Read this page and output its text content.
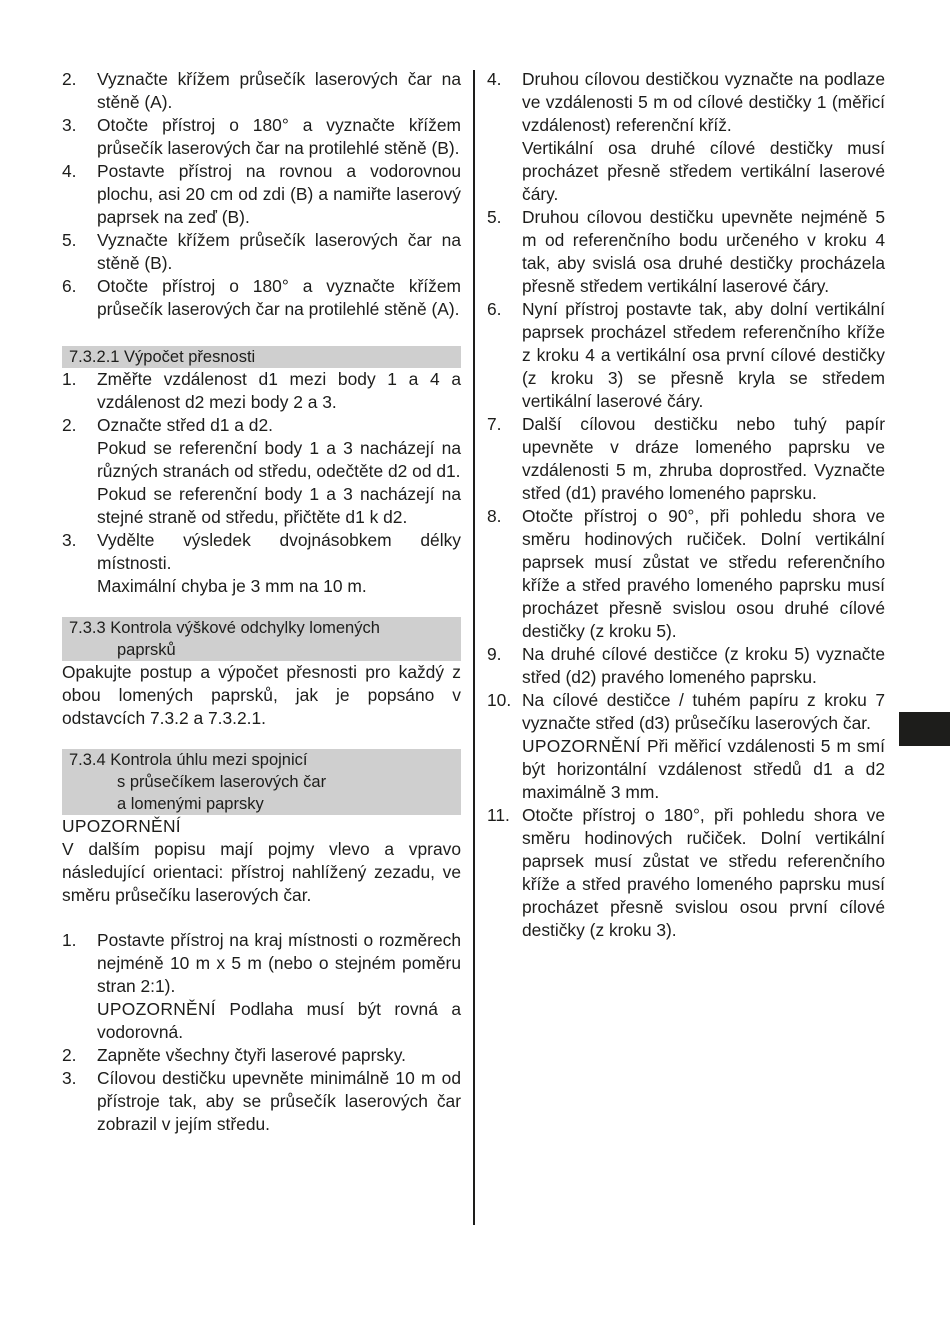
2. Vyznačte křížem průsečík laserových čar na stěně (A).
3. Otočte přístroj o 180° a vyznačte křížem průsečík laserových čar na protilehlé stěně (B).
4. Postavte přístroj na rovnou a vodorovnou plochu, asi 20 cm od zdi (B) a namiřte laserový paprsek na zeď (B).
5. Vyznačte křížem průsečík laserových čar na stěně (B).
6. Otočte přístroj o 180° a vyznačte křížem průsečík laserových čar na protilehlé stěně (A).
7.3.2.1 Výpočet přesnosti
1. Změřte vzdálenost d1 mezi body 1 a 4 a vzdálenost d2 mezi body 2 a 3.
2. Označte střed d1 a d2.
Pokud se referenční body 1 a 3 nacházejí na různých stranách od středu, odečtěte d2 od d1.
Pokud se referenční body 1 a 3 nacházejí na stejné straně od středu, přičtěte d1 k d2.
3. Vydělte výsledek dvojnásobkem délky místnosti.
Maximální chyba je 3 mm na 10 m.
7.3.3 Kontrola výškové odchylky lomených
paprsků

Opakujte postup a výpočet přesnosti pro každý z obou lomených paprsků, jak je popsáno v odstavcích 7.3.2 a 7.3.2.1.

7.3.4 Kontrola úhlu mezi spojnicí
s průsečíkem laserových čar
a lomenými paprsky

UPOZORNĚNÍ

V dalším popisu mají pojmy vlevo a vpravo následující orientaci: přístroj nahlížený zezadu, ve směru průsečíku laserových čar.

1. Postavte přístroj na kraj místnosti o rozměrech nejméně 10 m x 5 m (nebo o stejném poměru stran 2:1).
UPOZORNĚNÍ Podlaha musí být rovná a vodorovná.
2. Zapněte všechny čtyři laserové paprsky.
3. Cílovou destičku upevněte minimálně 10 m od přístroje tak, aby se průsečík laserových čar zobrazil v jejím středu.
4. Druhou cílovou destičkou vyznačte na podlaze ve vzdálenosti 5 m od cílové destičky 1 (měřicí vzdálenost) referenční kříž.
Vertikální osa druhé cílové destičky musí procházet přesně středem vertikální laserové čáry.
5. Druhou cílovou destičku upevněte nejméně 5 m od referenčního bodu určeného v kroku 4 tak, aby svislá osa druhé destičky procházela přesně středem vertikální laserové čáry.
6. Nyní přístroj postavte tak, aby dolní vertikální paprsek procházel středem referenčního kříže z kroku 4 a vertikální osa první cílové destičky (z kroku 3) se přesně kryla se středem vertikální laserové čáry.
7. Další cílovou destičku nebo tuhý papír upevněte v dráze lomeného paprsku ve vzdálenosti 5 m, zhruba doprostřed. Vyznačte střed (d1) pravého lomeného paprsku.
8. Otočte přístroj o 90°, při pohledu shora ve směru hodinových ručiček. Dolní vertikální paprsek musí zůstat ve středu referenčního kříže a střed pravého lomeného paprsku musí procházet přesně svislou osou druhé cílové destičky (z kroku 5).
9. Na druhé cílové destičce (z kroku 5) vyznačte střed (d2) pravého lomeného paprsku.
10. Na cílové destičce / tuhém papíru z kroku 7 vyznačte střed (d3) průsečíku laserových čar.
UPOZORNĚNÍ Při měřicí vzdálenosti 5 m smí být horizontální vzdálenost středů d1 a d2 maximálně 3 mm.
11. Otočte přístroj o 180°, při pohledu shora ve směru hodinových ručiček. Dolní vertikální paprsek musí zůstat ve středu referenčního kříže a střed pravého lomeného paprsku musí procházet přesně svislou osou první cílové destičky (z kroku 3).
